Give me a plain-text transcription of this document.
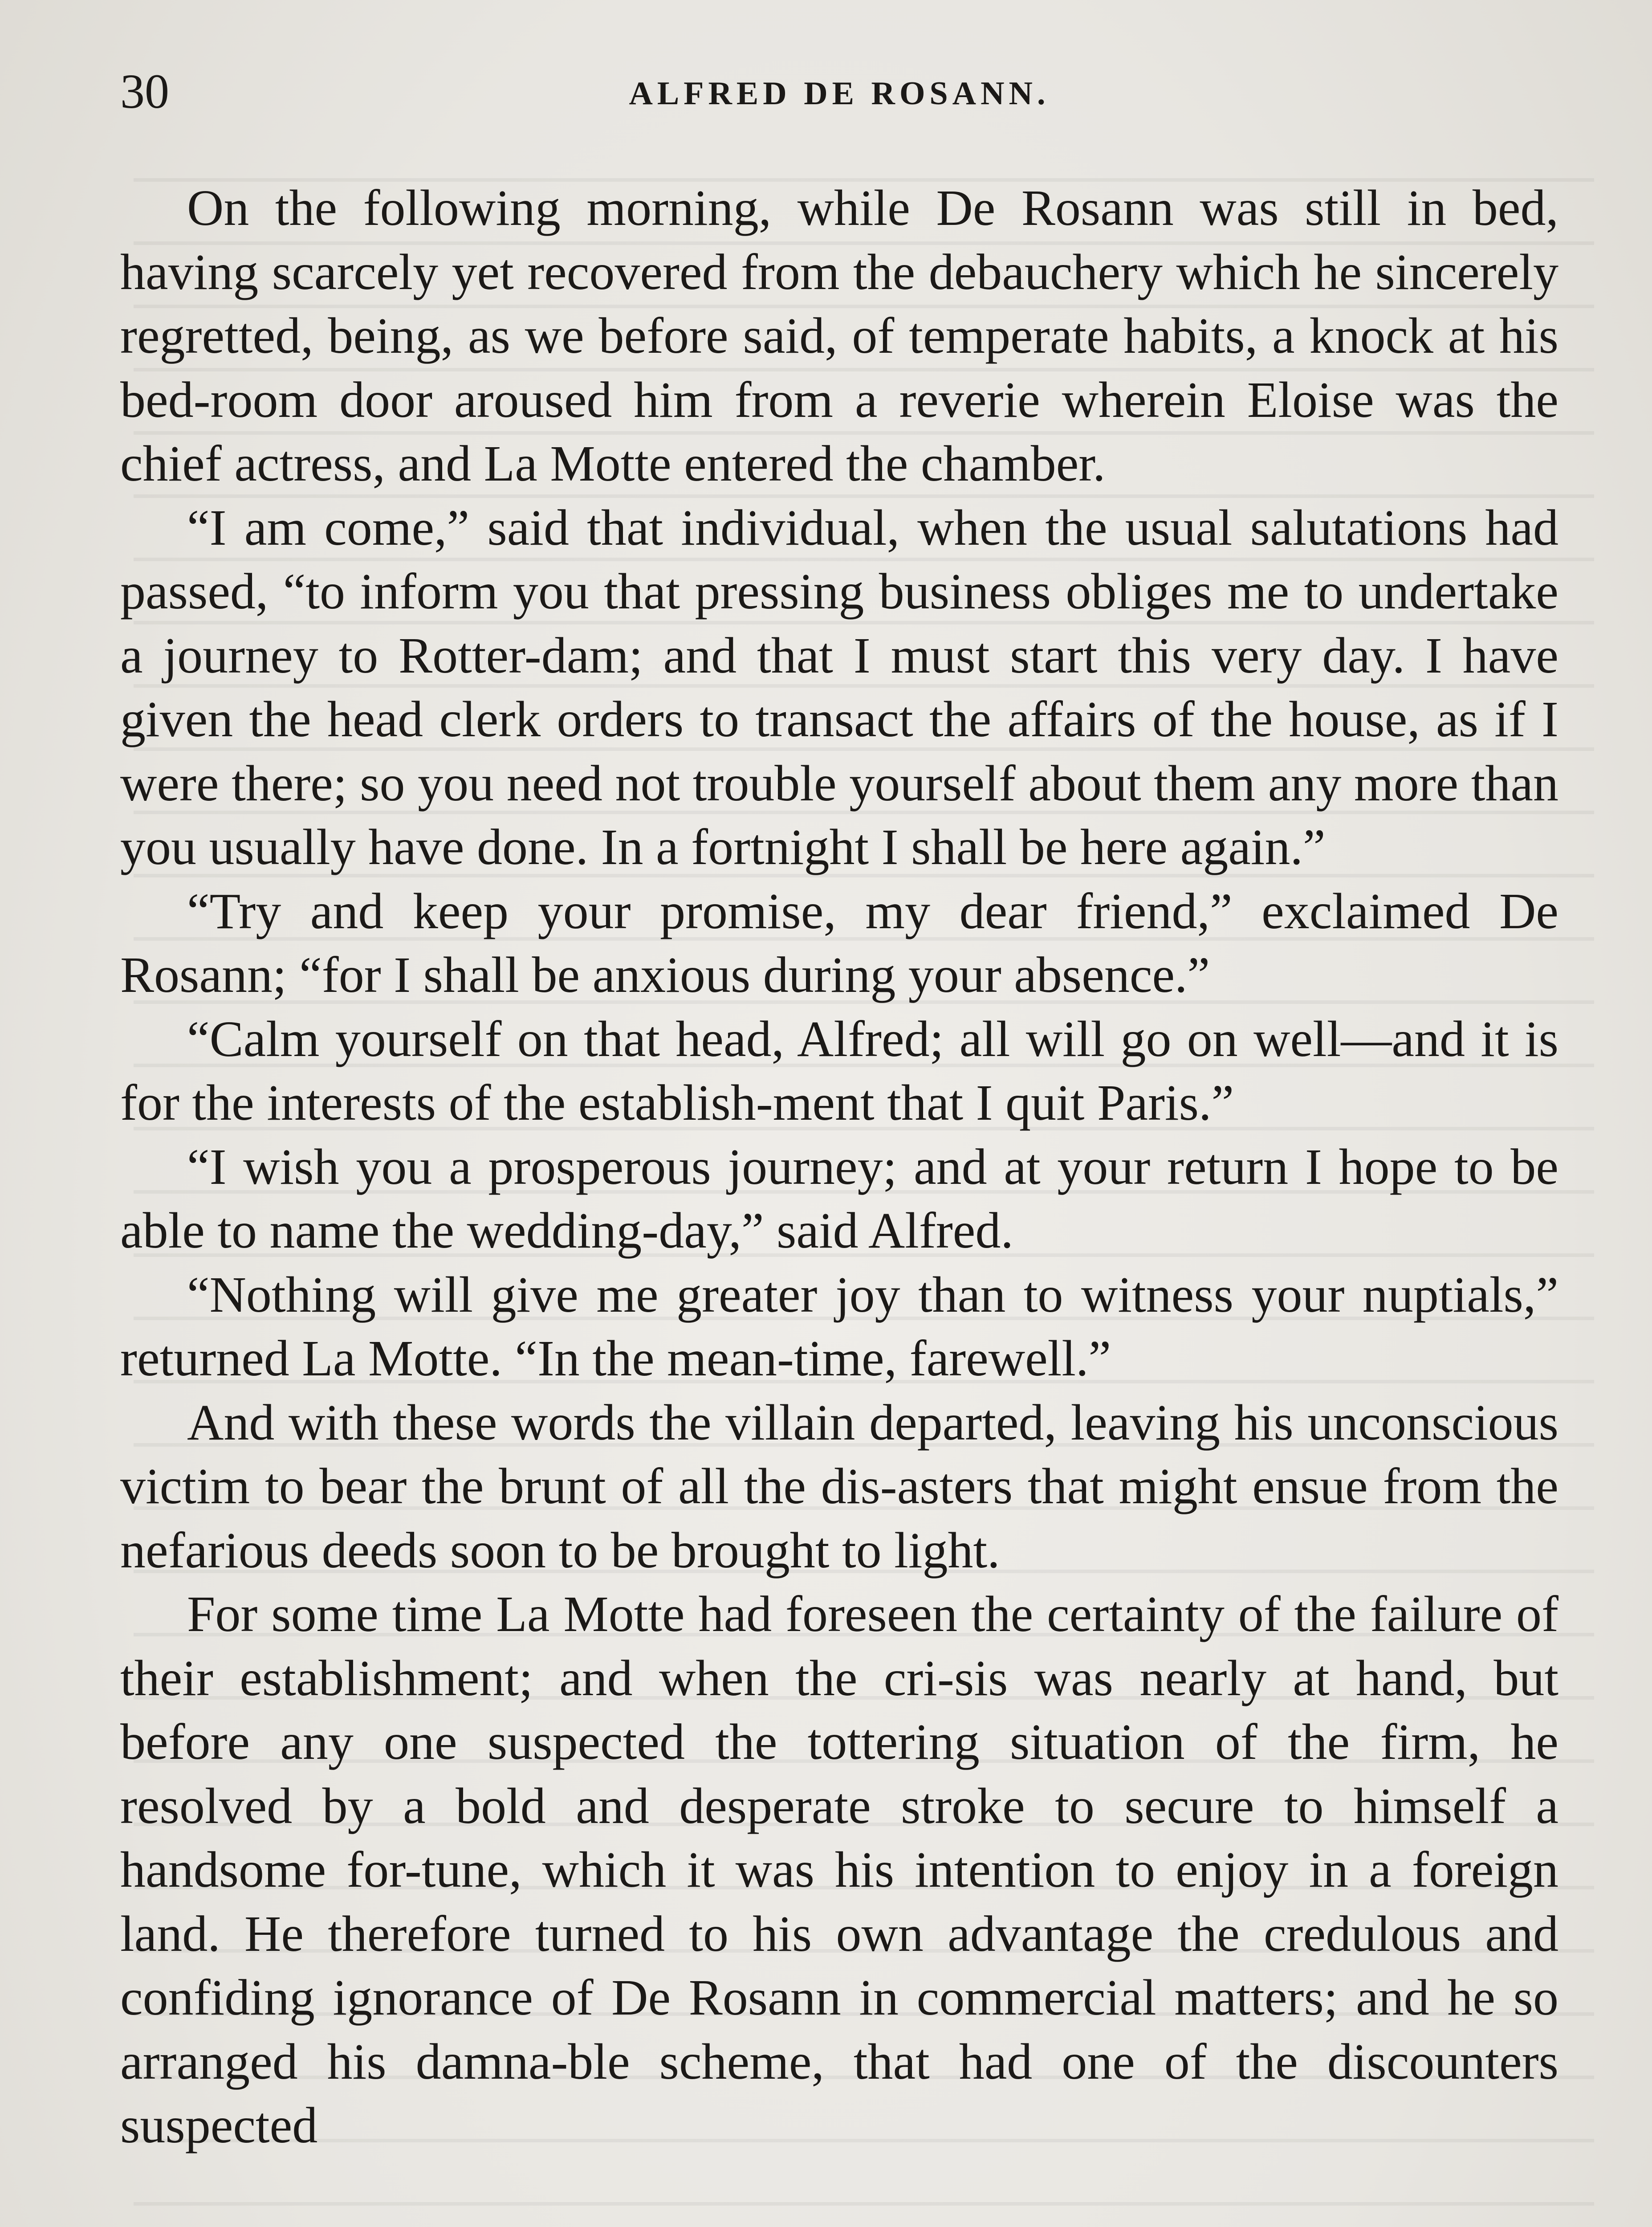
30	ALFRED DE ROSANN.

On the following morning, while De Rosann was still in bed, having scarcely yet recovered from the debauchery which he sincerely regretted, being, as we before said, of temperate habits, a knock at his bed-room door aroused him from a reverie wherein Eloise was the chief actress, and La Motte entered the chamber.

“I am come,” said that individual, when the usual salutations had passed, “to inform you that pressing business obliges me to undertake a journey to Rotter-dam; and that I must start this very day. I have given the head clerk orders to transact the affairs of the house, as if I were there; so you need not trouble yourself about them any more than you usually have done. In a fortnight I shall be here again.”

“Try and keep your promise, my dear friend,” exclaimed De Rosann; “for I shall be anxious during your absence.”

“Calm yourself on that head, Alfred; all will go on well—and it is for the interests of the establish-ment that I quit Paris.”

“I wish you a prosperous journey; and at your return I hope to be able to name the wedding-day,” said Alfred.

“Nothing will give me greater joy than to witness your nuptials,” returned La Motte. “In the mean-time, farewell.”

And with these words the villain departed, leaving his unconscious victim to bear the brunt of all the dis-asters that might ensue from the nefarious deeds soon to be brought to light.

For some time La Motte had foreseen the certainty of the failure of their establishment; and when the cri-sis was nearly at hand, but before any one suspected the tottering situation of the firm, he resolved by a bold and desperate stroke to secure to himself a handsome for-tune, which it was his intention to enjoy in a foreign land. He therefore turned to his own advantage the credulous and confiding ignorance of De Rosann in commercial matters; and he so arranged his damna-ble scheme, that had one of the discounters suspected
